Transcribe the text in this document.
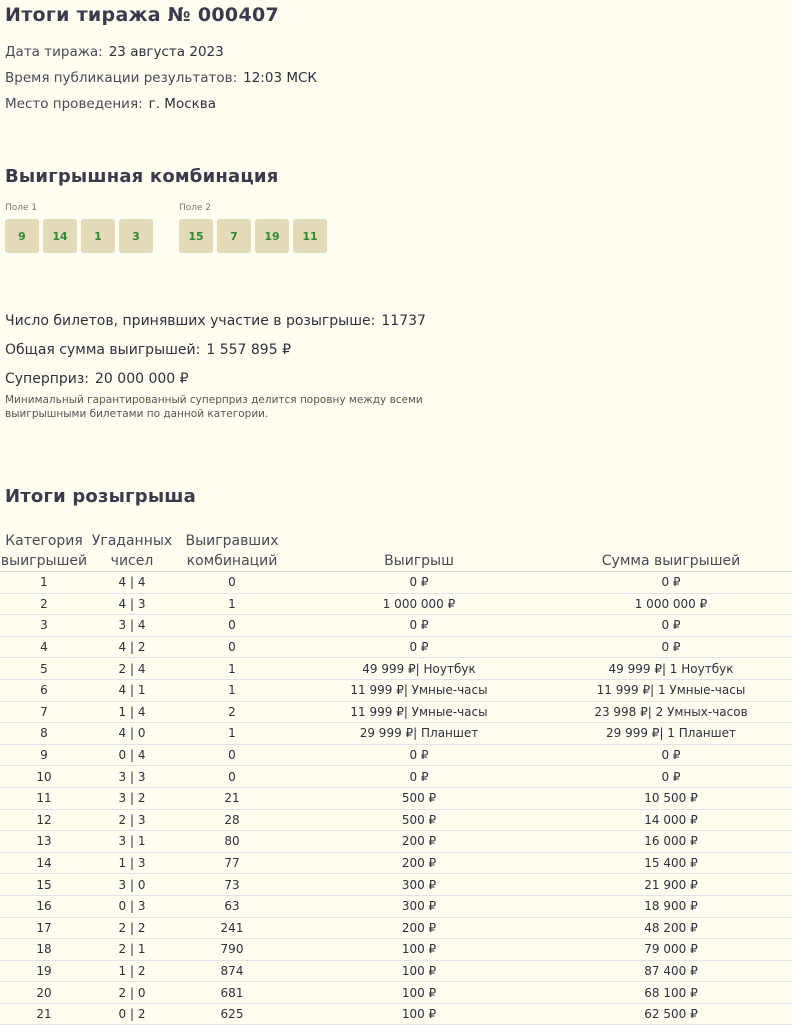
Итоги тиража № 000407
Дата тиража: 23 августа 2023
Время публикации результатов: 12:03 МСК
Место проведения: г. Москва
Выигрышная комбинация
Поле 1
9	14	1	3
Поле 2
15	7	19	11
Число билетов, принявших участие в розыгрыше: 11737
Общая сумма выигрышей: 1 557 895 ₽
Суперприз: 20 000 000 ₽
Минимальный гарантированный суперприз делится поровну между всеми выигрышными билетами по данной категории.
Итоги розыгрыша
Категория выигрышей	Угаданных чисел	Выигравших комбинаций	Выигрыш	Сумма выигрышей
1	4 | 4	0	0 ₽	0 ₽
2	4 | 3	1	1 000 000 ₽	1 000 000 ₽
3	3 | 4	0	0 ₽	0 ₽
4	4 | 2	0	0 ₽	0 ₽
5	2 | 4	1	49 999 ₽| Ноутбук	49 999 ₽| 1 Ноутбук
6	4 | 1	1	11 999 ₽| Умные-часы	11 999 ₽| 1 Умные-часы
7	1 | 4	2	11 999 ₽| Умные-часы	23 998 ₽| 2 Умных-часов
8	4 | 0	1	29 999 ₽| Планшет	29 999 ₽| 1 Планшет
9	0 | 4	0	0 ₽	0 ₽
10	3 | 3	0	0 ₽	0 ₽
11	3 | 2	21	500 ₽	10 500 ₽
12	2 | 3	28	500 ₽	14 000 ₽
13	3 | 1	80	200 ₽	16 000 ₽
14	1 | 3	77	200 ₽	15 400 ₽
15	3 | 0	73	300 ₽	21 900 ₽
16	0 | 3	63	300 ₽	18 900 ₽
17	2 | 2	241	200 ₽	48 200 ₽
18	2 | 1	790	100 ₽	79 000 ₽
19	1 | 2	874	100 ₽	87 400 ₽
20	2 | 0	681	100 ₽	68 100 ₽
21	0 | 2	625	100 ₽	62 500 ₽
